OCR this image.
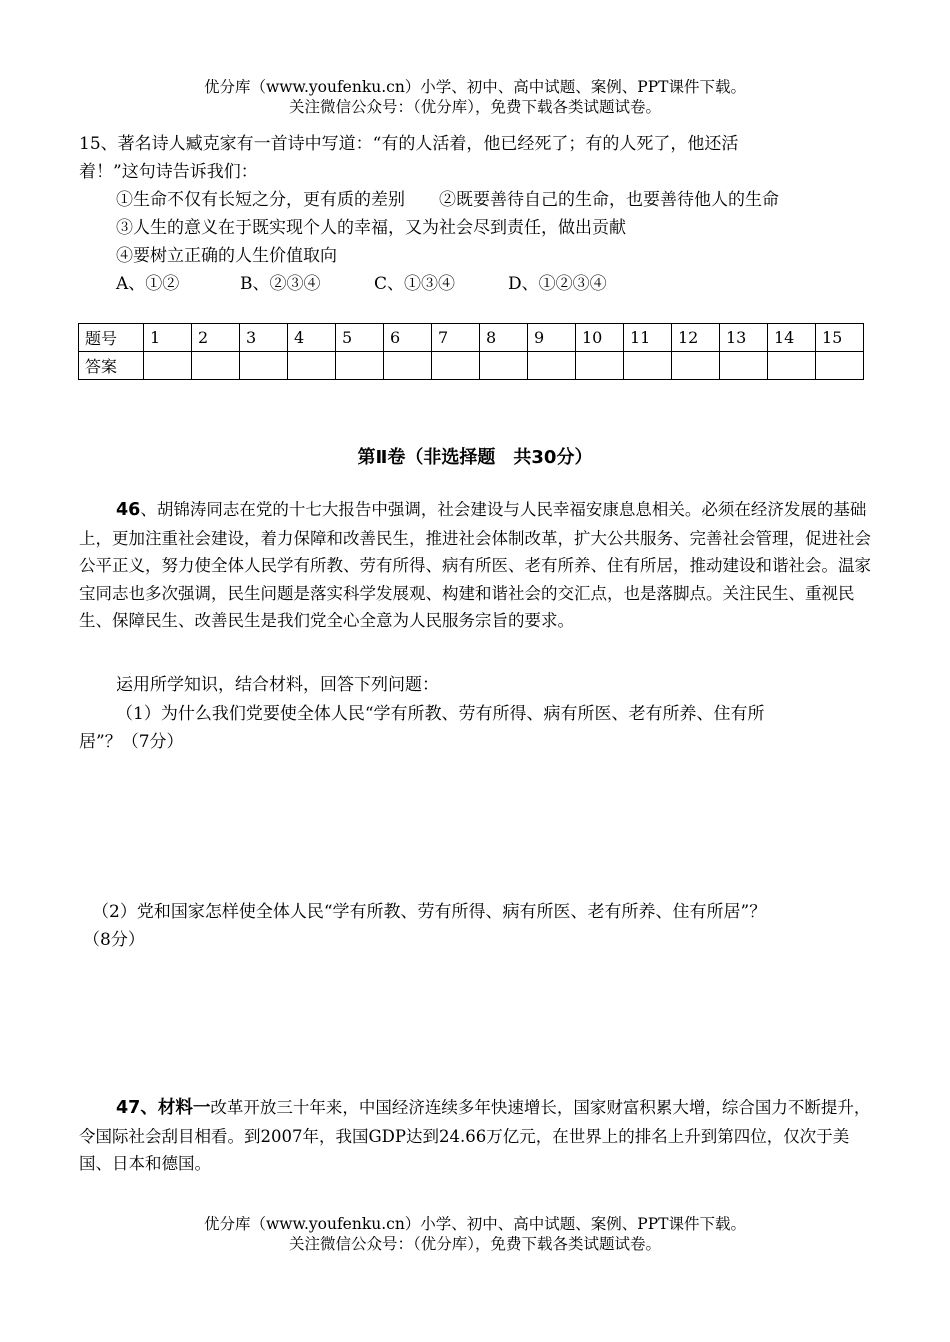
优分库（www.youfenku.cn）小学、初中、高中试题、案例、PPT课件下载。
关注微信公众号：（优分库），免费下载各类试题试卷。
15、著名诗人臧克家有一首诗中写道：“有的人活着，他已经死了；有的人死了，他还活
着！”这句诗告诉我们：
①生命不仅有长短之分，更有质的差别　　②既要善待自己的生命，也要善待他人的生命
③人生的意义在于既实现个人的幸福，又为社会尽到责任，做出贡献
④要树立正确的人生价值取向
A、①②	B、②③④	C、①③④	D、①②③④
题号	1	2	3	4	5	6	7	8	9	10	11	12	13	14	15
答案															
第Ⅱ卷（非选择题　共30分）
46、胡锦涛同志在党的十七大报告中强调，社会建设与人民幸福安康息息相关。必须在经济发展的基础上，更加注重社会建设，着力保障和改善民生，推进社会体制改革，扩大公共服务、完善社会管理，促进社会公平正义，努力使全体人民学有所教、劳有所得、病有所医、老有所养、住有所居，推动建设和谐社会。温家宝同志也多次强调，民生问题是落实科学发展观、构建和谐社会的交汇点，也是落脚点。关注民生、重视民生、保障民生、改善民生是我们党全心全意为人民服务宗旨的要求。
运用所学知识，结合材料，回答下列问题：
（1）为什么我们党要使全体人民“学有所教、劳有所得、病有所医、老有所养、住有所
居”？（7分）
（2）党和国家怎样使全体人民“学有所教、劳有所得、病有所医、老有所养、住有所居”？
（8分）
47、材料一改革开放三十年来，中国经济连续多年快速增长，国家财富积累大增，综合国力不断提升，令国际社会刮目相看。到2007年，我国GDP达到24.66万亿元，在世界上的排名上升到第四位，仅次于美国、日本和德国。
优分库（www.youfenku.cn）小学、初中、高中试题、案例、PPT课件下载。
关注微信公众号：（优分库），免费下载各类试题试卷。
